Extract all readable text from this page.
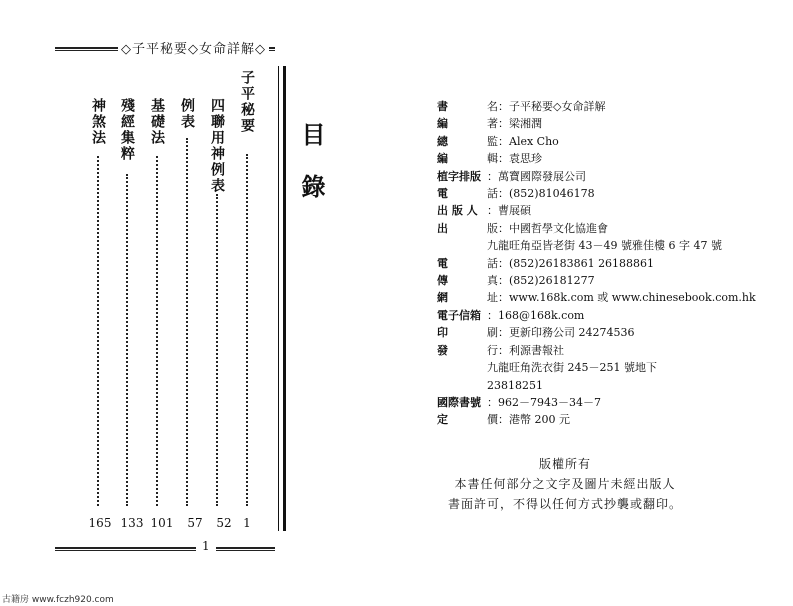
◇子平秘要◇女命詳解◇
目錄
子平秘要
1
四聯用神例表
52
例表
57
基礎法
101
殘經集粹
133
神煞法
165
1
古籍房 www.fczh920.com
書	名：子平秘要◇女命詳解
編	著：梁湘潤
總	監：Alex Cho
編	輯：袁思珍
植字排版 ：萬寶國際發展公司
電	話：(852)81046178
出 版 人 ：曹展碩
出	版：中國哲學文化協進會
九龍旺角亞皆老街 43－49 號雅佳樓 6 字 47 號
電	話：(852)26183861 26188861
傳	真：(852)26181277
網	址：www.168k.com 或 www.chinesebook.com.hk
電子信箱 ：168@168k.com
印	刷：更新印務公司 24274536
發	行：利源書報社
九龍旺角洗衣街 245－251 號地下
23818251
國際書號 ：962－7943－34－7
定	價：港幣 200 元
版權所有
本書任何部分之文字及圖片未經出版人
書面許可，不得以任何方式抄襲或翻印。
